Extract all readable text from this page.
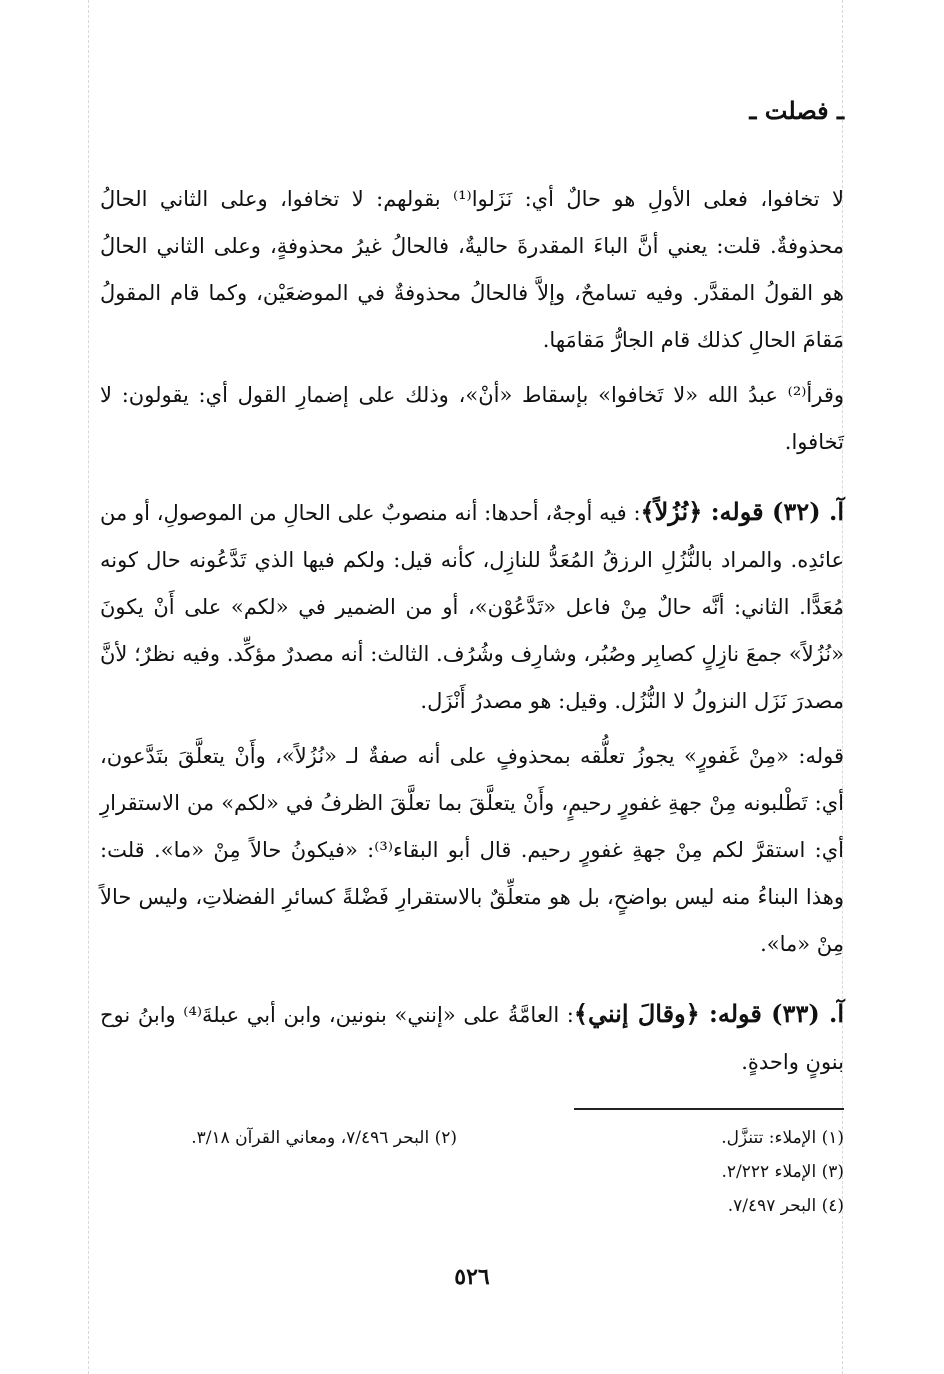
ـ فصلت ـ

لا تخافوا، فعلى الأولِ هو حالٌ أي: نَزَلوا⁽¹⁾ بقولهم: لا تخافوا، وعلى الثاني الحالُ محذوفةٌ. قلت: يعني أنَّ الباءَ المقدرةَ حاليةٌ، فالحالُ غيرُ محذوفةٍ، وعلى الثاني الحالُ هو القولُ المقدَّر. وفيه تسامحٌ، وإلاَّ فالحالُ محذوفةٌ في الموضعَيْن، وكما قام المقولُ مَقامَ الحالِ كذلك قام الجارُّ مَقامَها.

وقرأ⁽²⁾ عبدُ الله «لا تَخافوا» بإسقاط «أنْ»، وذلك على إضمارِ القول أي: يقولون: لا تَخافوا.

آ. (٣٢) قوله: ﴿نُزُلاً﴾: فيه أوجهٌ، أحدها: أنه منصوبٌ على الحالِ من الموصولِ، أو من عائدِه. والمراد بالنُّزُلِ الرزقُ المُعَدُّ للنازِل، كأنه قيل: ولكم فيها الذي تَدَّعُونه حال كونه مُعَدًّا. الثاني: أنَّه حالٌ مِنْ فاعل «تَدَّعُوْن»، أو من الضمير في «لكم» على أَنْ يكونَ «نُزُلاً» جمعَ نازِلٍ كصابِر وصُبُر، وشارِف وشُرُف. الثالث: أنه مصدرٌ مؤكِّد. وفيه نظرٌ؛ لأنَّ مصدرَ نَزَل النزولُ لا النُّزُل. وقيل: هو مصدرُ أَنْزَل.

قوله: «مِنْ غَفورٍ» يجوزُ تعلُّقه بمحذوفٍ على أنه صفةٌ لـ «نُزُلاً»، وأَنْ يتعلَّقَ بتَدَّعون، أي: تَطْلبونه مِنْ جهةِ غفورٍ رحيمٍ، وأَنْ يتعلَّقَ بما تعلَّقَ الظرفُ في «لكم» من الاستقرارِ أي: استقرَّ لكم مِنْ جهةِ غفورٍ رحيم. قال أبو البقاء⁽³⁾: «فيكونُ حالاً مِنْ «ما». قلت: وهذا البناءُ منه ليس بواضحٍ، بل هو متعلِّقٌ بالاستقرارِ فَضْلةً كسائرِ الفضلاتِ، وليس حالاً مِنْ «ما».

آ. (٣٣) قوله: ﴿وقالَ إنني﴾: العامَّةُ على «إنني» بنونين، وابن أبي عبلةَ⁽⁴⁾ وابنُ نوح بنونٍ واحدةٍ.

(١) الإملاء: تتنزَّل.
(٢) البحر ٧/٤٩٦، ومعاني القرآن ٣/١٨.
(٣) الإملاء ٢/٢٢٢.
(٤) البحر ٧/٤٩٧.
٥٢٦
